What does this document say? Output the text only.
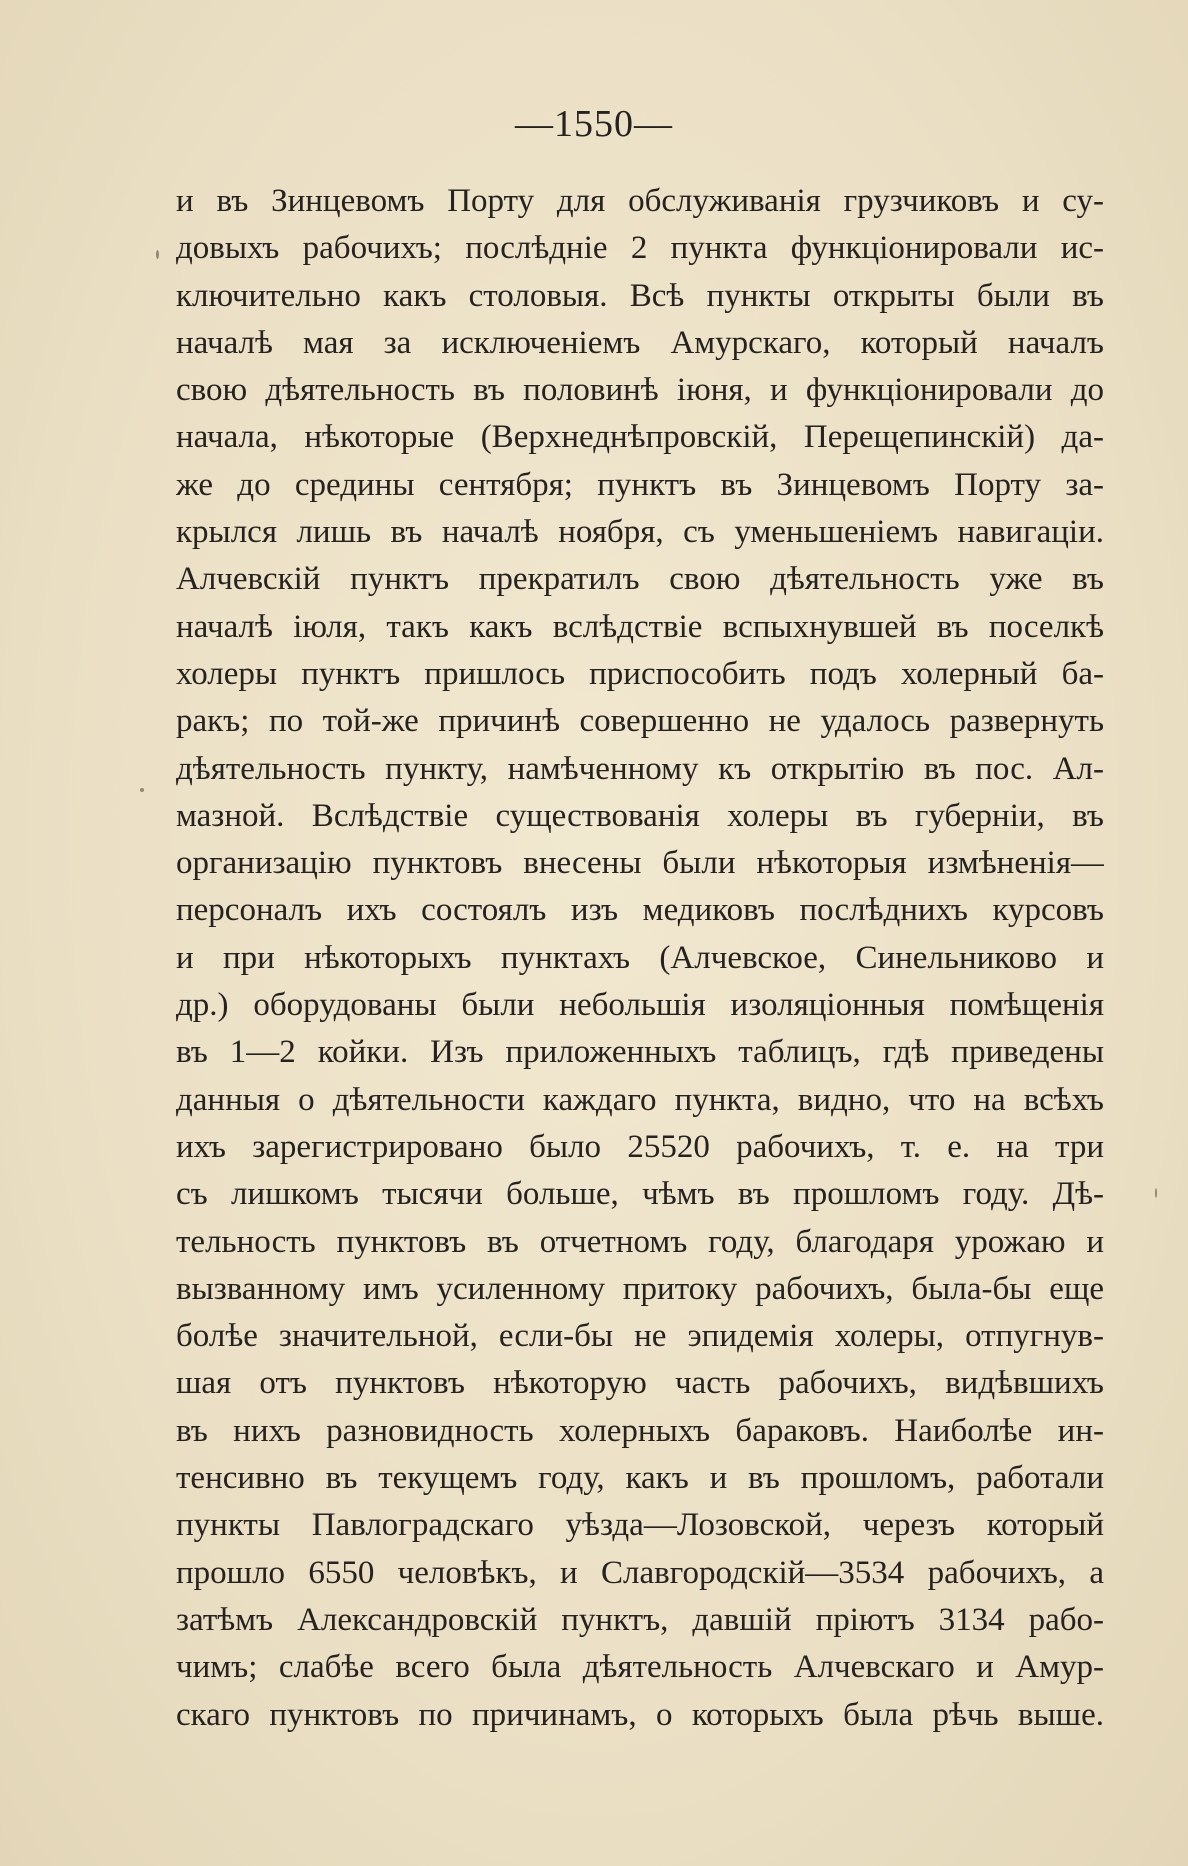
—1550—
и въ Зинцевомъ Порту для обслуживанія грузчиковъ и су-
довыхъ рабочихъ; послѣдніе 2 пункта функціонировали ис-
ключительно какъ столовыя. Всѣ пункты открыты были въ
началѣ мая за исключеніемъ Амурскаго, который началъ
свою дѣятельность въ половинѣ іюня, и функціонировали до
начала, нѣкоторые (Верхнеднѣпровскій, Перещепинскій) да-
же до средины сентября; пунктъ въ Зинцевомъ Порту за-
крылся лишь въ началѣ ноября, съ уменьшеніемъ навигаціи.
Алчевскій пунктъ прекратилъ свою дѣятельность уже въ
началѣ іюля, такъ какъ вслѣдствіе вспыхнувшей въ поселкѣ
холеры пунктъ пришлось приспособить подъ холерный ба-
ракъ; по той-же причинѣ совершенно не удалось развернуть
дѣятельность пункту, намѣченному къ открытію въ пос. Ал-
мазной. Вслѣдствіе существованія холеры въ губерніи, въ
организацію пунктовъ внесены были нѣкоторыя измѣненія—
персоналъ ихъ состоялъ изъ медиковъ послѣднихъ курсовъ
и при нѣкоторыхъ пунктахъ (Алчевское, Синельниково и
др.) оборудованы были небольшія изоляціонныя помѣщенія
въ 1—2 койки. Изъ приложенныхъ таблицъ, гдѣ приведены
данныя о дѣятельности каждаго пункта, видно, что на всѣхъ
ихъ зарегистрировано было 25520 рабочихъ, т. е. на три
съ лишкомъ тысячи больше, чѣмъ въ прошломъ году. Дѣ-
тельность пунктовъ въ отчетномъ году, благодаря урожаю и
вызванному имъ усиленному притоку рабочихъ, была-бы еще
болѣе значительной, если-бы не эпидемія холеры, отпугнув-
шая отъ пунктовъ нѣкоторую часть рабочихъ, видѣвшихъ
въ нихъ разновидность холерныхъ бараковъ. Наиболѣе ин-
тенсивно въ текущемъ году, какъ и въ прошломъ, работали
пункты Павлоградскаго уѣзда—Лозовской, черезъ который
прошло 6550 человѣкъ, и Славгородскій—3534 рабочихъ, а
затѣмъ Александровскій пунктъ, давшій пріютъ 3134 рабо-
чимъ; слабѣе всего была дѣятельность Алчевскаго и Амур-
скаго пунктовъ по причинамъ, о которыхъ была рѣчь выше.
